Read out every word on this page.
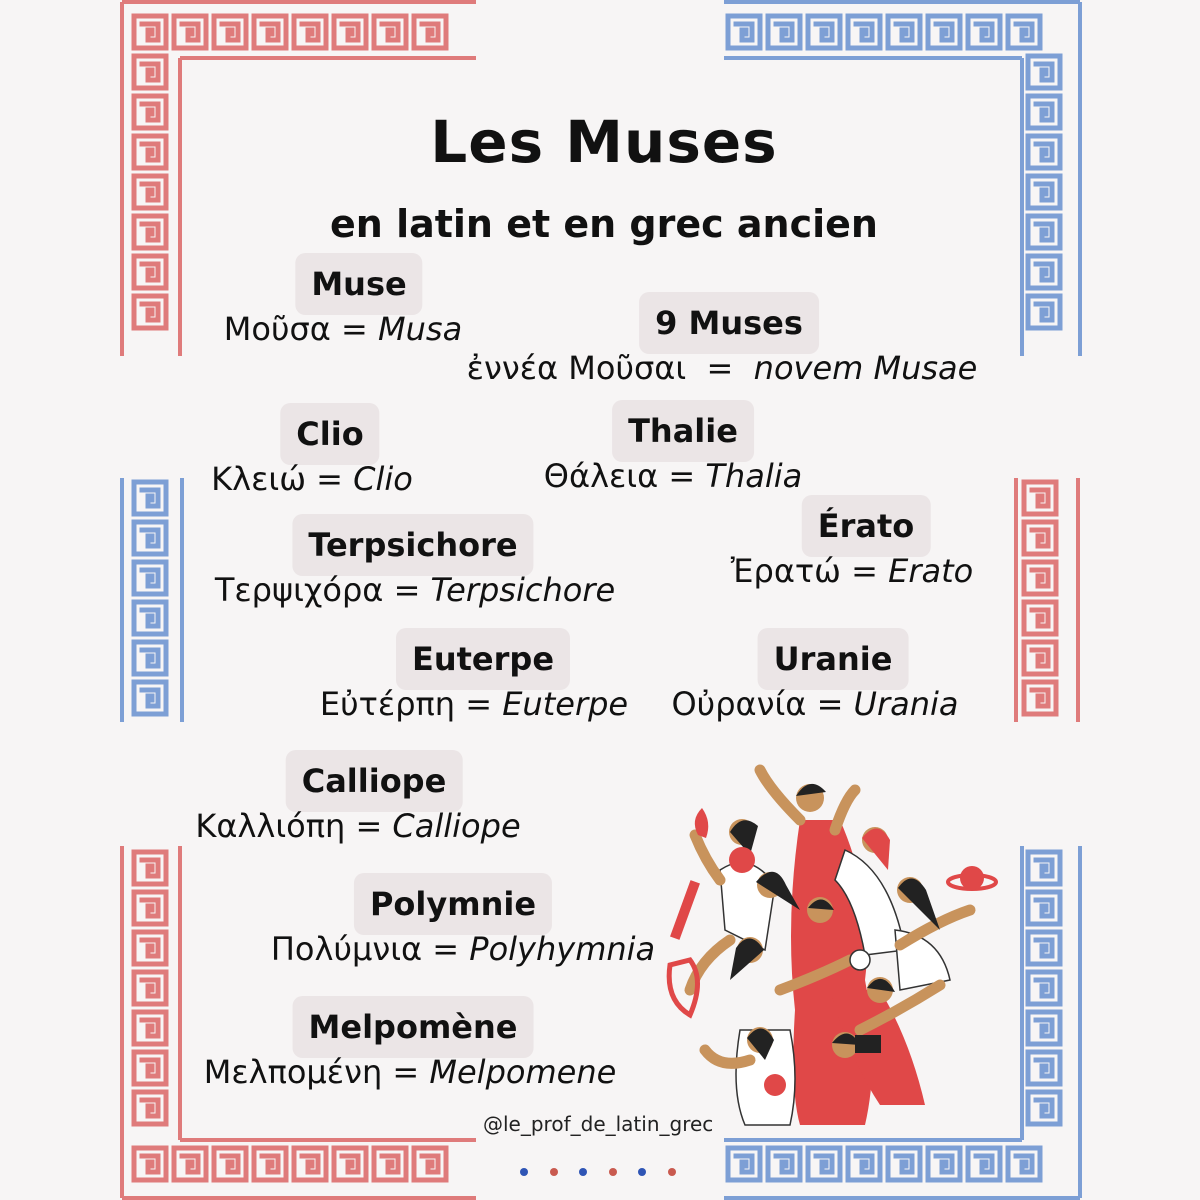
Les Muses
en latin et en grec ancien
Muse
Μοῦσα = Musa	9 Muses
ἐννέα Μοῦσαι  =  novem Musae
Clio
Κλειώ = Clio
Thalie
Θάλεια = Thalia
Érato
Ἐρατώ = Erato
Terpsichore
Τερψιχόρα = Terpsichore
Euterpe
Εὐτέρπη = Euterpe
Uranie
Οὐρανία = Urania
Calliope
Καλλιόπη = Calliope
Polymnie
Πολύμνια = Polyhymnia
Melpomène
Μελπομένη = Melpomene
@le_prof_de_latin_grec
